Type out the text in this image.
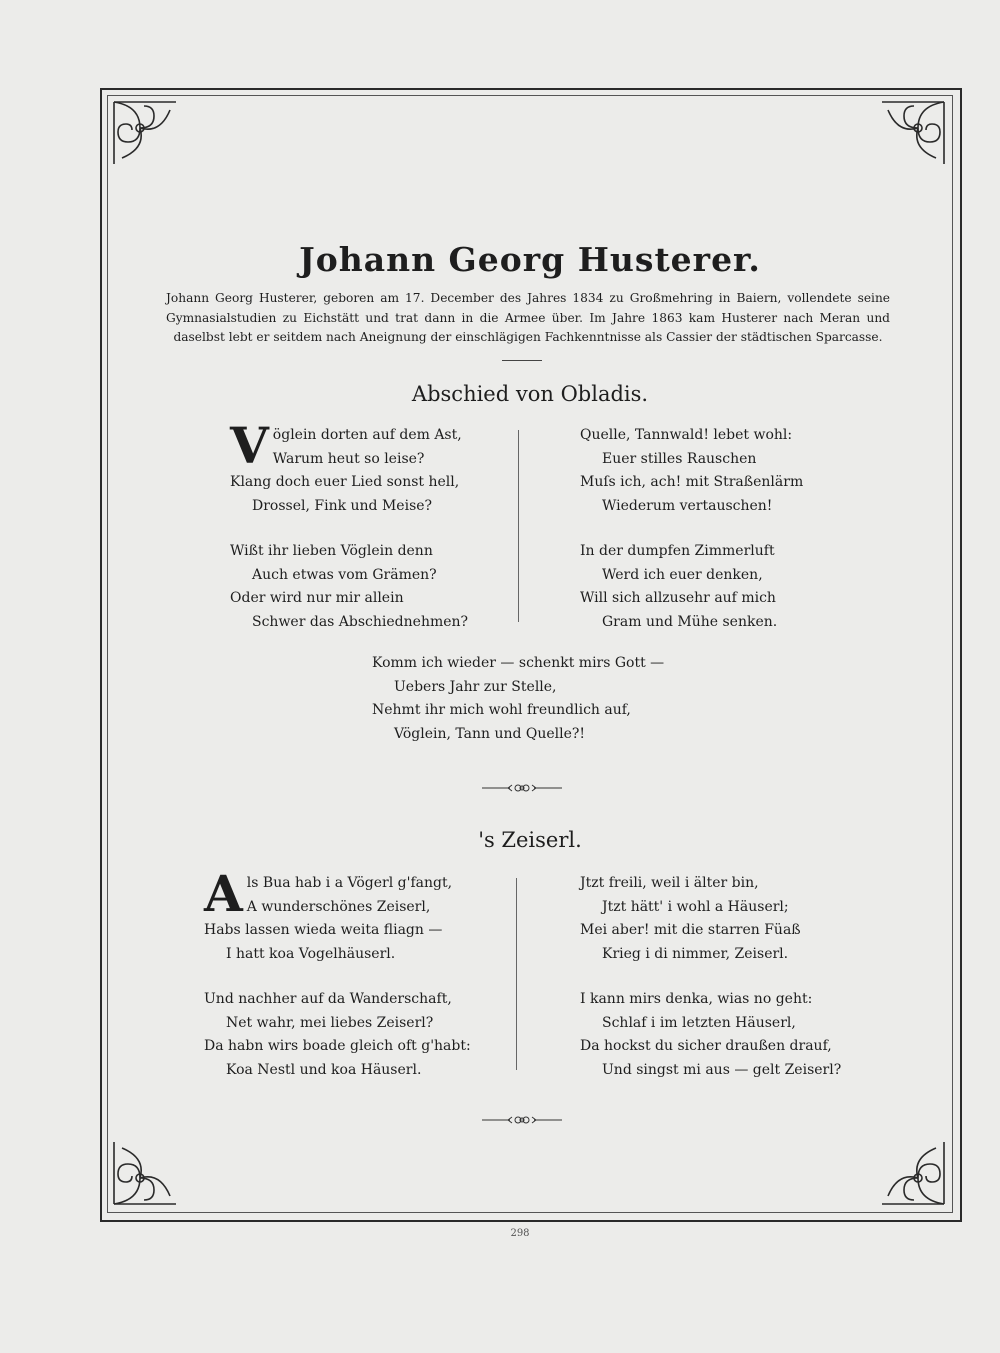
Johann Georg Husterer.
Johann Georg Husterer, geboren am 17. December des Jahres 1834 zu Großmehring in Baiern, vollendete seine Gymnasialstudien zu Eichstätt und trat dann in die Armee über. Im Jahre 1863 kam Husterer nach Meran und daselbst lebt er seitdem nach Aneignung der einschlägigen Fachkenntnisse als Cassier der städtischen Sparcasse.
Abschied von Obladis.
V öglein dorten auf dem Ast,
Warum heut so leise?
Klang doch euer Lied sonst hell,
Drossel, Fink und Meise?
Wißt ihr lieben Vöglein denn
Auch etwas vom Grämen?
Oder wird nur mir allein
Schwer das Abschiednehmen?
Quelle, Tannwald! lebet wohl:
Euer stilles Rauschen
Muſs ich, ach! mit Straßenlärm
Wiederum vertauschen!
In der dumpfen Zimmerluft
Werd ich euer denken,
Will sich allzusehr auf mich
Gram und Mühe senken.
Komm ich wieder — schenkt mirs Gott —
Uebers Jahr zur Stelle,
Nehmt ihr mich wohl freundlich auf,
Vöglein, Tann und Quelle?!
's Zeiserl.
A ls Bua hab i a Vögerl g'fangt,
A wunderschönes Zeiserl,
Habs lassen wieda weita fliagn —
I hatt koa Vogelhäuserl.
Und nachher auf da Wanderschaft,
Net wahr, mei liebes Zeiserl?
Da habn wirs boade gleich oft g'habt:
Koa Nestl und koa Häuserl.
Jtzt freili, weil i älter bin,
Jtzt hätt' i wohl a Häuserl;
Mei aber! mit die starren Füaß
Krieg i di nimmer, Zeiserl.
I kann mirs denka, wias no geht:
Schlaf i im letzten Häuserl,
Da hockst du sicher draußen drauf,
Und singst mi aus — gelt Zeiserl?
298
